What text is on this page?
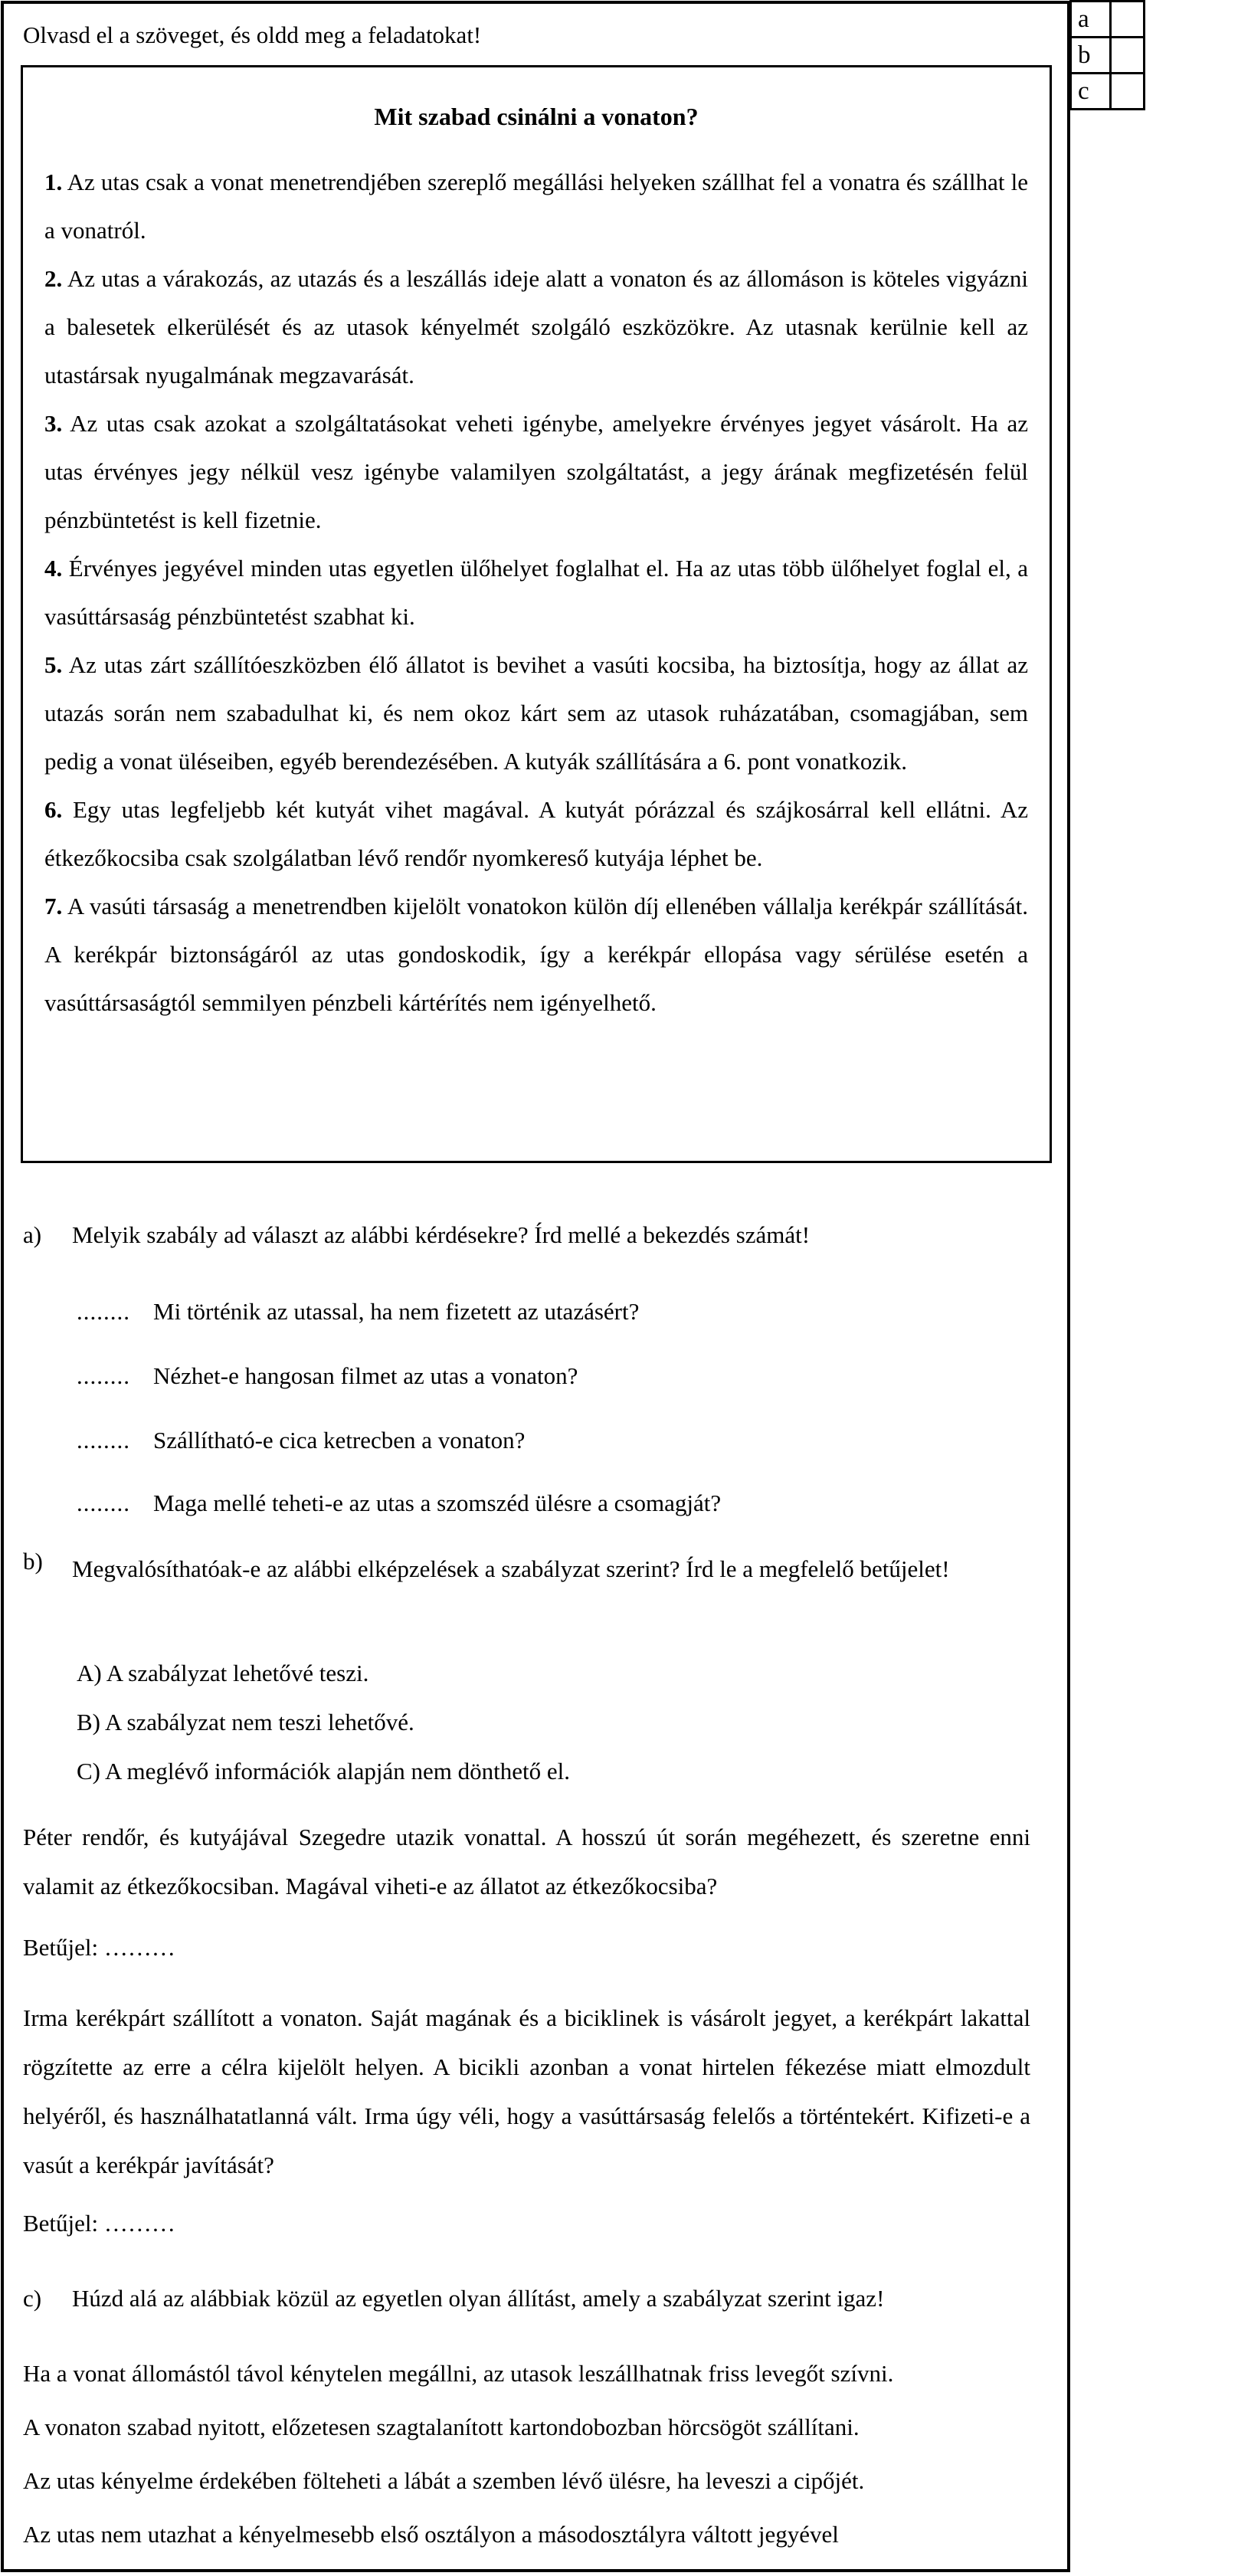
a	
b	
c	
Olvasd el a szöveget, és oldd meg a feladatokat!
Mit szabad csinálni a vonaton?

1. Az utas csak a vonat menetrendjében szereplő megállási helyeken szállhat fel a vonatra és szállhat le a vonatról.

2. Az utas a várakozás, az utazás és a leszállás ideje alatt a vonaton és az állomáson is köteles vigyázni a balesetek elkerülését és az utasok kényelmét szolgáló eszközökre. Az utasnak kerülnie kell az utastársak nyugalmának megzavarását.

3. Az utas csak azokat a szolgáltatásokat veheti igénybe, amelyekre érvényes jegyet vásárolt. Ha az utas érvényes jegy nélkül vesz igénybe valamilyen szolgáltatást, a jegy árának megfizetésén felül pénzbüntetést is kell fizetnie.

4. Érvényes jegyével minden utas egyetlen ülőhelyet foglalhat el. Ha az utas több ülőhelyet foglal el, a vasúttársaság pénzbüntetést szabhat ki.

5. Az utas zárt szállítóeszközben élő állatot is bevihet a vasúti kocsiba, ha biztosítja, hogy az állat az utazás során nem szabadulhat ki, és nem okoz kárt sem az utasok ruházatában, csomagjában, sem pedig a vonat üléseiben, egyéb berendezésében. A kutyák szállítására a 6. pont vonatkozik.

6. Egy utas legfeljebb két kutyát vihet magával. A kutyát pórázzal és szájkosárral kell ellátni. Az étkezőkocsiba csak szolgálatban lévő rendőr nyomkereső kutyája léphet be.

7. A vasúti társaság a menetrendben kijelölt vonatokon külön díj ellenében vállalja kerékpár szállítását. A kerékpár biztonságáról az utas gondoskodik, így a kerékpár ellopása vagy sérülése esetén a vasúttársaságtól semmilyen pénzbeli kártérítés nem igényelhető.

a) Melyik szabály ad választ az alábbi kérdésekre? Írd mellé a bekezdés számát!
........ Mi történik az utassal, ha nem fizetett az utazásért?
........ Nézhet-e hangosan filmet az utas a vonaton?
........ Szállítható-e cica ketrecben a vonaton?
........ Maga mellé teheti-e az utas a szomszéd ülésre a csomagját?
b) Megvalósíthatóak-e az alábbi elképzelések a szabályzat szerint? Írd le a megfelelő betűjelet!
A) A szabályzat lehetővé teszi.
B) A szabályzat nem teszi lehetővé.
C) A meglévő információk alapján nem dönthető el.
Péter rendőr, és kutyájával Szegedre utazik vonattal. A hosszú út során megéhezett, és szeretne enni valamit az étkezőkocsiban. Magával viheti-e az állatot az étkezőkocsiba?
Betűjel: ………
Irma kerékpárt szállított a vonaton. Saját magának és a biciklinek is vásárolt jegyet, a kerékpárt lakattal rögzítette az erre a célra kijelölt helyen. A bicikli azonban a vonat hirtelen fékezése miatt elmozdult helyéről, és használhatatlanná vált. Irma úgy véli, hogy a vasúttársaság felelős a történtekért. Kifizeti-e a vasút a kerékpár javítását?
Betűjel: ………
c) Húzd alá az alábbiak közül az egyetlen olyan állítást, amely a szabályzat szerint igaz!
Ha a vonat állomástól távol kénytelen megállni, az utasok leszállhatnak friss levegőt szívni.
A vonaton szabad nyitott, előzetesen szagtalanított kartondobozban hörcsögöt szállítani.
Az utas kényelme érdekében fölteheti a lábát a szemben lévő ülésre, ha leveszi a cipőjét.
Az utas nem utazhat a kényelmesebb első osztályon a másodosztályra váltott jegyével
